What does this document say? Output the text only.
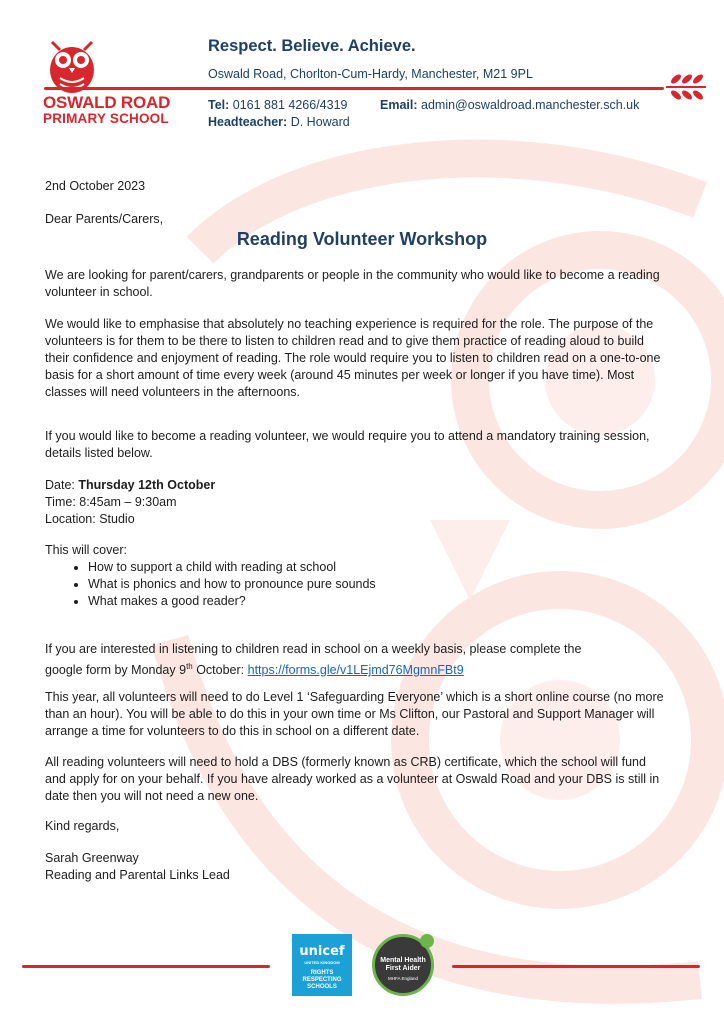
OSWALD ROAD
PRIMARY SCHOOL
Respect. Believe. Achieve.
Oswald Road, Chorlton-Cum-Hardy, Manchester, M21 9PL
Tel: 0161 881 4266/4319	Email: admin@oswaldroad.manchester.sch.uk
Headteacher: D. Howard
2nd October 2023
Dear Parents/Carers,
Reading Volunteer Workshop
We are looking for parent/carers, grandparents or people in the community who would like to become a reading volunteer in school.
We would like to emphasise that absolutely no teaching experience is required for the role. The purpose of the volunteers is for them to be there to listen to children read and to give them practice of reading aloud to build their confidence and enjoyment of reading. The role would require you to listen to children read on a one-to-one basis for a short amount of time every week (around 45 minutes per week or longer if you have time). Most classes will need volunteers in the afternoons.
If you would like to become a reading volunteer, we would require you to attend a mandatory training session, details listed below.
Date: Thursday 12th October
Time: 8:45am – 9:30am
Location: Studio
This will cover:
• How to support a child with reading at school
• What is phonics and how to pronounce pure sounds
• What makes a good reader?
If you are interested in listening to children read in school on a weekly basis, please complete the
google form by Monday 9th October: https://forms.gle/v1LEjmd76MgmnFBt9
This year, all volunteers will need to do Level 1 ‘Safeguarding Everyone’ which is a short online course (no more than an hour). You will be able to do this in your own time or Ms Clifton, our Pastoral and Support Manager will arrange a time for volunteers to do this in school on a different date.
All reading volunteers will need to hold a DBS (formerly known as CRB) certificate, which the school will fund and apply for on your behalf. If you have already worked as a volunteer at Oswald Road and your DBS is still in date then you will not need a new one.
Kind regards,
Sarah Greenway
Reading and Parental Links Lead
unicef
UNITED KINGDOM
RIGHTS RESPECTING SCHOOLS
Mental Health First Aider
MHFA England
